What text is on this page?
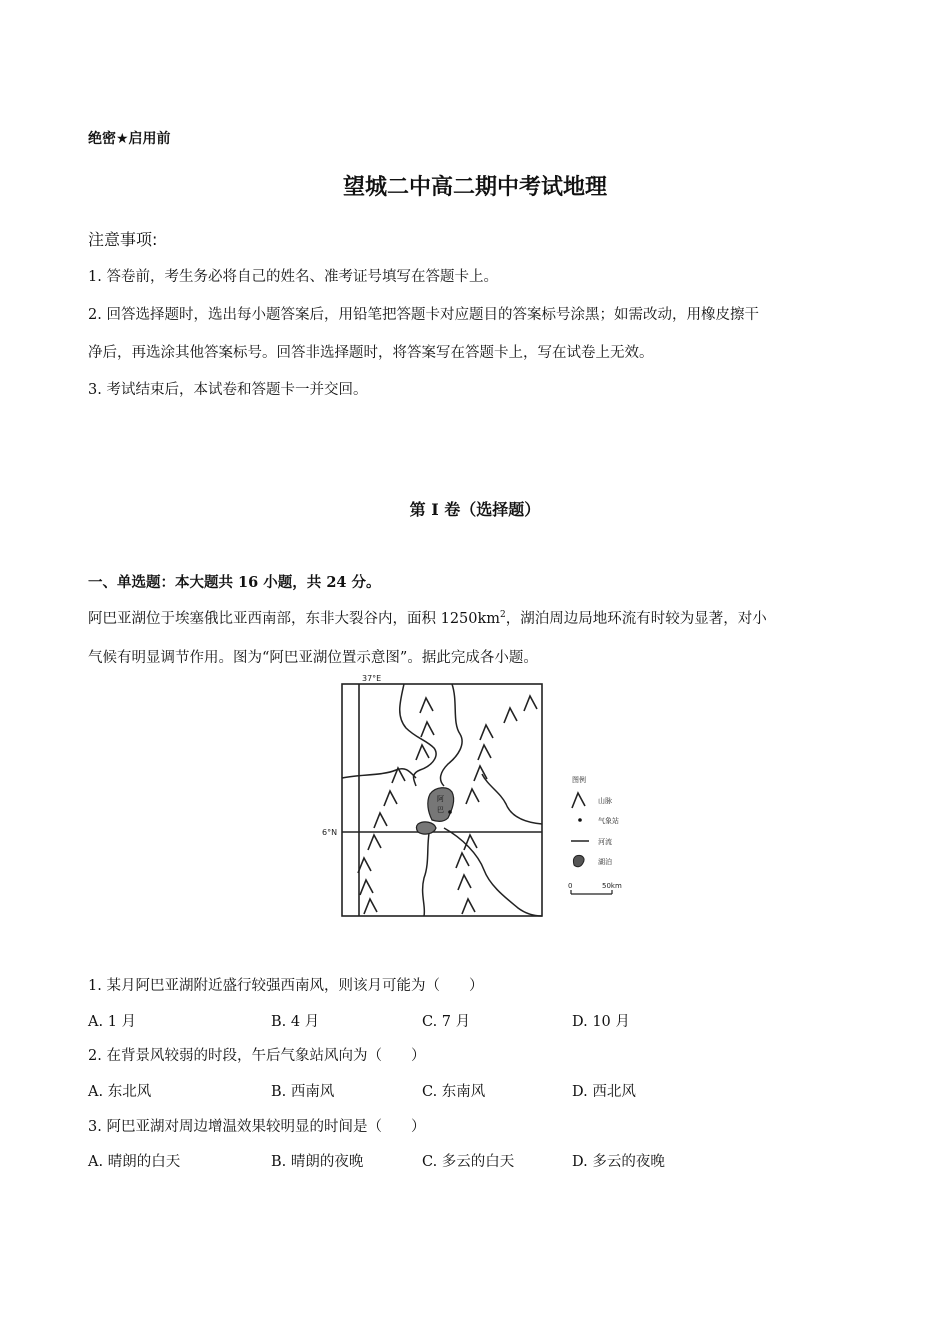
绝密★启用前
望城二中高二期中考试地理
注意事项:
1. 答卷前，考生务必将自己的姓名、准考证号填写在答题卡上。
2. 回答选择题时，选出每小题答案后，用铅笔把答题卡对应题目的答案标号涂黑；如需改动，用橡皮擦干
净后，再选涂其他答案标号。回答非选择题时，将答案写在答题卡上，写在试卷上无效。
3. 考试结束后，本试卷和答题卡一并交回。
第 I 卷（选择题）
一、单选题：本大题共 16 小题，共 24 分。
阿巴亚湖位于埃塞俄比亚西南部，东非大裂谷内，面积 $1250km^2$，湖泊周边局地环流有时较为显著，对小
气候有明显调节作用。图为“阿巴亚湖位置示意图”。据此完成各小题。
37°E
6°N
阿
巴
图例
山脉
气象站
河流
湖泊
0	50km
1. 某月阿巴亚湖附近盛行较强西南风，则该月可能为（　　）
A. 1 月	B. 4 月	C. 7 月	D. 10 月
2. 在背景风较弱的时段，午后气象站风向为（　　）
A. 东北风	B. 西南风	C. 东南风	D. 西北风
3. 阿巴亚湖对周边增温效果较明显的时间是（　　）
A. 晴朗的白天	B. 晴朗的夜晚	C. 多云的白天	D. 多云的夜晚
